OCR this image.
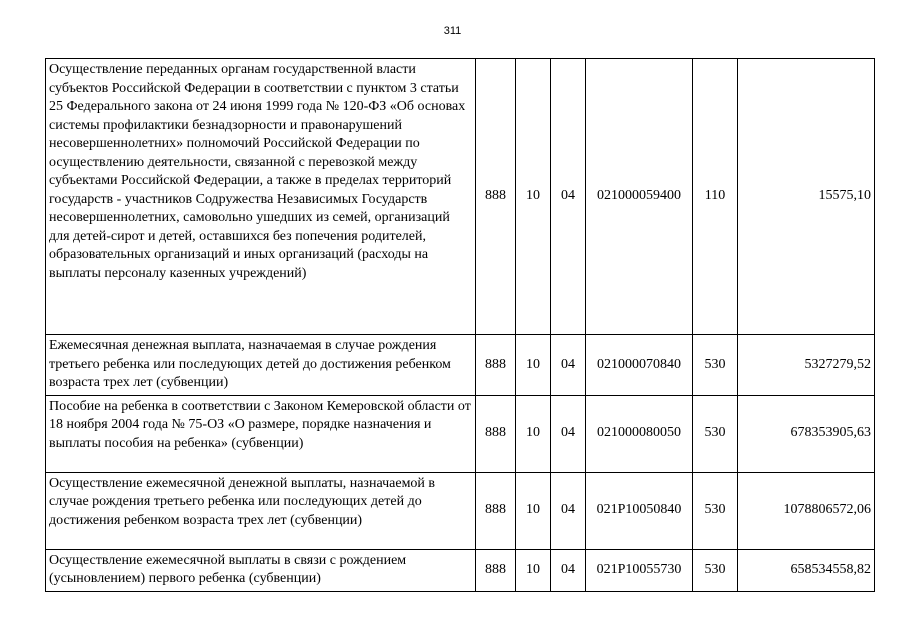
311
Осуществление переданных органам государственной власти субъектов Российской Федерации в соответствии с пунктом 3 статьи 25 Федерального закона от 24 июня 1999 года № 120-ФЗ «Об основах системы профилактики безнадзорности и правонарушений несовершеннолетних» полномочий Российской Федерации по осуществлению деятельности, связанной с перевозкой между субъектами Российской Федерации, а также в пределах территорий государств - участников Содружества Независимых Государств несовершеннолетних, самовольно ушедших из семей, организаций для детей-сирот и детей, оставшихся без попечения родителей, образовательных организаций и иных организаций (расходы на выплаты персоналу казенных учреждений)	888	10	04	021000059400	110	15575,10
Ежемесячная денежная выплата, назначаемая в случае рождения третьего ребенка или последующих детей до достижения ребенком возраста трех лет (субвенции)	888	10	04	021000070840	530	5327279,52
Пособие на ребенка в соответствии с Законом Кемеровской области от 18 ноября 2004 года № 75-ОЗ «О размере, порядке назначения и выплаты пособия на ребенка» (субвенции)	888	10	04	021000080050	530	678353905,63
Осуществление ежемесячной денежной выплаты, назначаемой в случае рождения третьего ребенка или последующих детей до достижения ребенком возраста трех лет (субвенции)	888	10	04	021Р10050840	530	1078806572,06
Осуществление ежемесячной выплаты в связи с рождением (усыновлением) первого ребенка (субвенции)	888	10	04	021Р10055730	530	658534558,82
